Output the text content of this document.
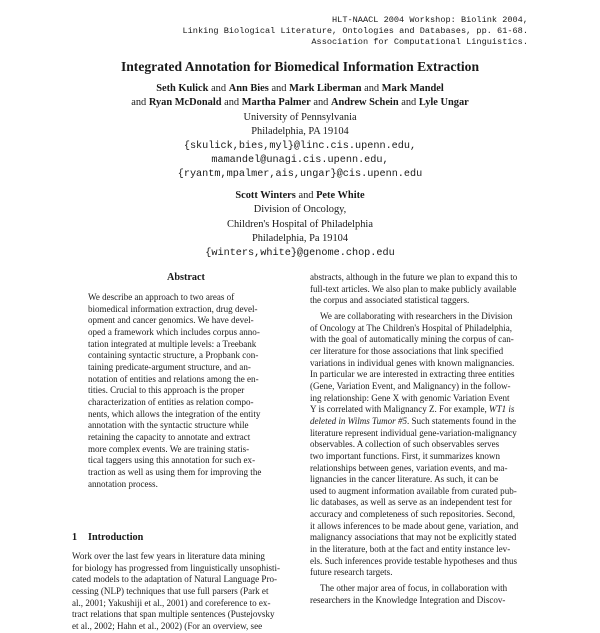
HLT-NAACL 2004 Workshop: Biolink 2004,
Linking Biological Literature, Ontologies and Databases, pp. 61-68.
Association for Computational Linguistics.
Integrated Annotation for Biomedical Information Extraction
Seth Kulick and Ann Bies and Mark Liberman and Mark Mandel
and Ryan McDonald and Martha Palmer and Andrew Schein and Lyle Ungar
University of Pennsylvania
Philadelphia, PA 19104
{skulick,bies,myl}@linc.cis.upenn.edu,
mamandel@unagi.cis.upenn.edu,
{ryantm,mpalmer,ais,ungar}@cis.upenn.edu
Scott Winters and Pete White
Division of Oncology,
Children's Hospital of Philadelphia
Philadelphia, Pa 19104
{winters,white}@genome.chop.edu
Abstract
We describe an approach to two areas of
biomedical information extraction, drug devel-
opment and cancer genomics. We have devel-
oped a framework which includes corpus anno-
tation integrated at multiple levels: a Treebank
containing syntactic structure, a Propbank con-
taining predicate-argument structure, and an-
notation of entities and relations among the en-
tities. Crucial to this approach is the proper
characterization of entities as relation compo-
nents, which allows the integration of the entity
annotation with the syntactic structure while
retaining the capacity to annotate and extract
more complex events. We are training statis-
tical taggers using this annotation for such ex-
traction as well as using them for improving the
annotation process.
1 Introduction
Work over the last few years in literature data mining
for biology has progressed from linguistically unsophisti-
cated models to the adaptation of Natural Language Pro-
cessing (NLP) techniques that use full parsers (Park et
al., 2001; Yakushiji et al., 2001) and coreference to ex-
tract relations that span multiple sentences (Pustejovsky
et al., 2002; Hahn et al., 2002) (For an overview, see
abstracts, although in the future we plan to expand this to
full-text articles. We also plan to make publicly available
the corpus and associated statistical taggers.
We are collaborating with researchers in the Division
of Oncology at The Children's Hospital of Philadelphia,
with the goal of automatically mining the corpus of can-
cer literature for those associations that link specified
variations in individual genes with known malignancies.
In particular we are interested in extracting three entities
(Gene, Variation Event, and Malignancy) in the follow-
ing relationship: Gene X with genomic Variation Event
Y is correlated with Malignancy Z. For example, WT1 is
deleted in Wilms Tumor #5. Such statements found in the
literature represent individual gene-variation-malignancy
observables. A collection of such observables serves
two important functions. First, it summarizes known
relationships between genes, variation events, and ma-
lignancies in the cancer literature. As such, it can be
used to augment information available from curated pub-
lic databases, as well as serve as an independent test for
accuracy and completeness of such repositories. Second,
it allows inferences to be made about gene, variation, and
malignancy associations that may not be explicitly stated
in the literature, both at the fact and entity instance lev-
els. Such inferences provide testable hypotheses and thus
future research targets.
The other major area of focus, in collaboration with
researchers in the Knowledge Integration and Discov-
